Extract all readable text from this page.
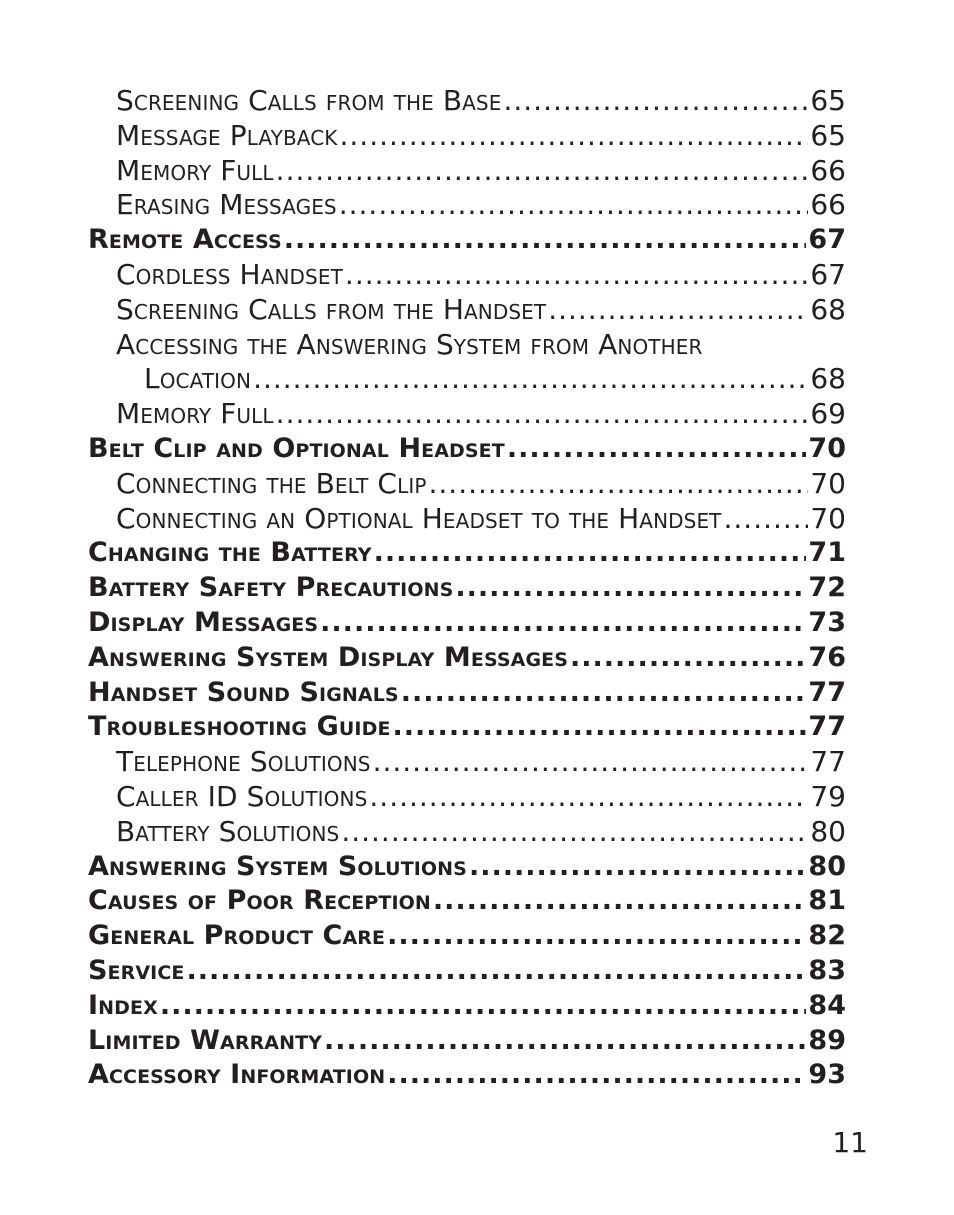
Screening Calls from the Base .....	65
Message Playback .....	65
Memory Full .....	66
Erasing Messages .....	66
Remote Access .....	67
Cordless Handset .....	67
Screening Calls from the Handset .....	68
Accessing the Answering System from Another
Location .....	68
Memory Full .....	69
Belt Clip and Optional Headset .....	70
Connecting the Belt Clip .....	70
Connecting an Optional Headset to the Handset .....	70
Changing the Battery .....	71
Battery Safety Precautions .....	72
Display Messages .....	73
Answering System Display Messages .....	76
Handset Sound Signals .....	77
Troubleshooting Guide .....	77
Telephone Solutions .....	77
Caller ID Solutions .....	79
Battery Solutions .....	80
Answering System Solutions .....	80
Causes of Poor Reception .....	81
General Product Care .....	82
Service .....	83
Index .....	84
Limited Warranty .....	89
Accessory Information .....	93
11
